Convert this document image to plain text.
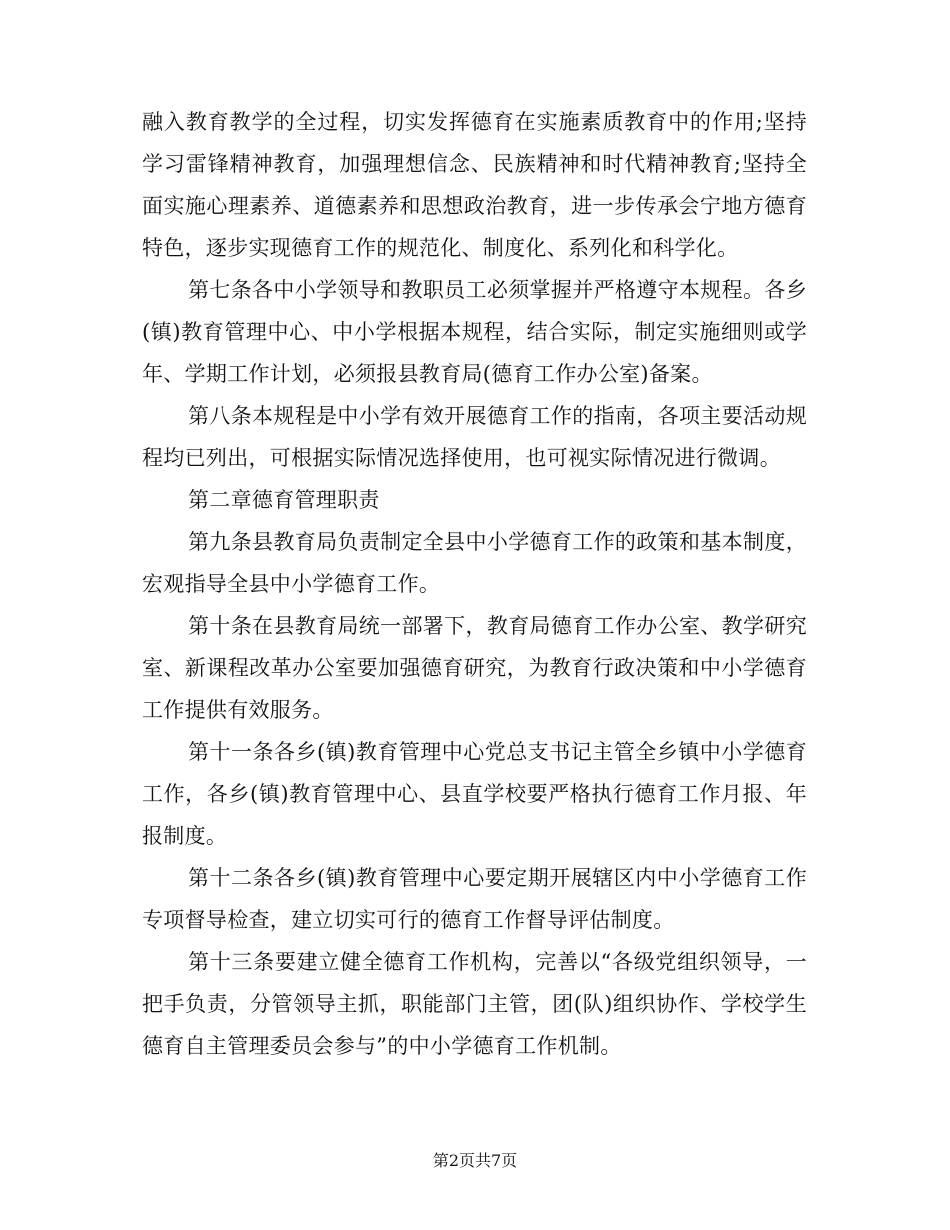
融入教育教学的全过程，切实发挥德育在实施素质教育中的作用;坚持学习雷锋精神教育，加强理想信念、民族精神和时代精神教育;坚持全面实施心理素养、道德素养和思想政治教育，进一步传承会宁地方德育特色，逐步实现德育工作的规范化、制度化、系列化和科学化。

第七条各中小学领导和教职员工必须掌握并严格遵守本规程。各乡(镇)教育管理中心、中小学根据本规程，结合实际，制定实施细则或学年、学期工作计划，必须报县教育局(德育工作办公室)备案。

第八条本规程是中小学有效开展德育工作的指南，各项主要活动规程均已列出，可根据实际情况选择使用，也可视实际情况进行微调。

第二章德育管理职责

第九条县教育局负责制定全县中小学德育工作的政策和基本制度，宏观指导全县中小学德育工作。

第十条在县教育局统一部署下，教育局德育工作办公室、教学研究室、新课程改革办公室要加强德育研究，为教育行政决策和中小学德育工作提供有效服务。

第十一条各乡(镇)教育管理中心党总支书记主管全乡镇中小学德育工作，各乡(镇)教育管理中心、县直学校要严格执行德育工作月报、年报制度。

第十二条各乡(镇)教育管理中心要定期开展辖区内中小学德育工作专项督导检查，建立切实可行的德育工作督导评估制度。

第十三条要建立健全德育工作机构，完善以“各级党组织领导，一把手负责，分管领导主抓，职能部门主管，团(队)组织协作、学校学生德育自主管理委员会参与”的中小学德育工作机制。

第2页共7页
